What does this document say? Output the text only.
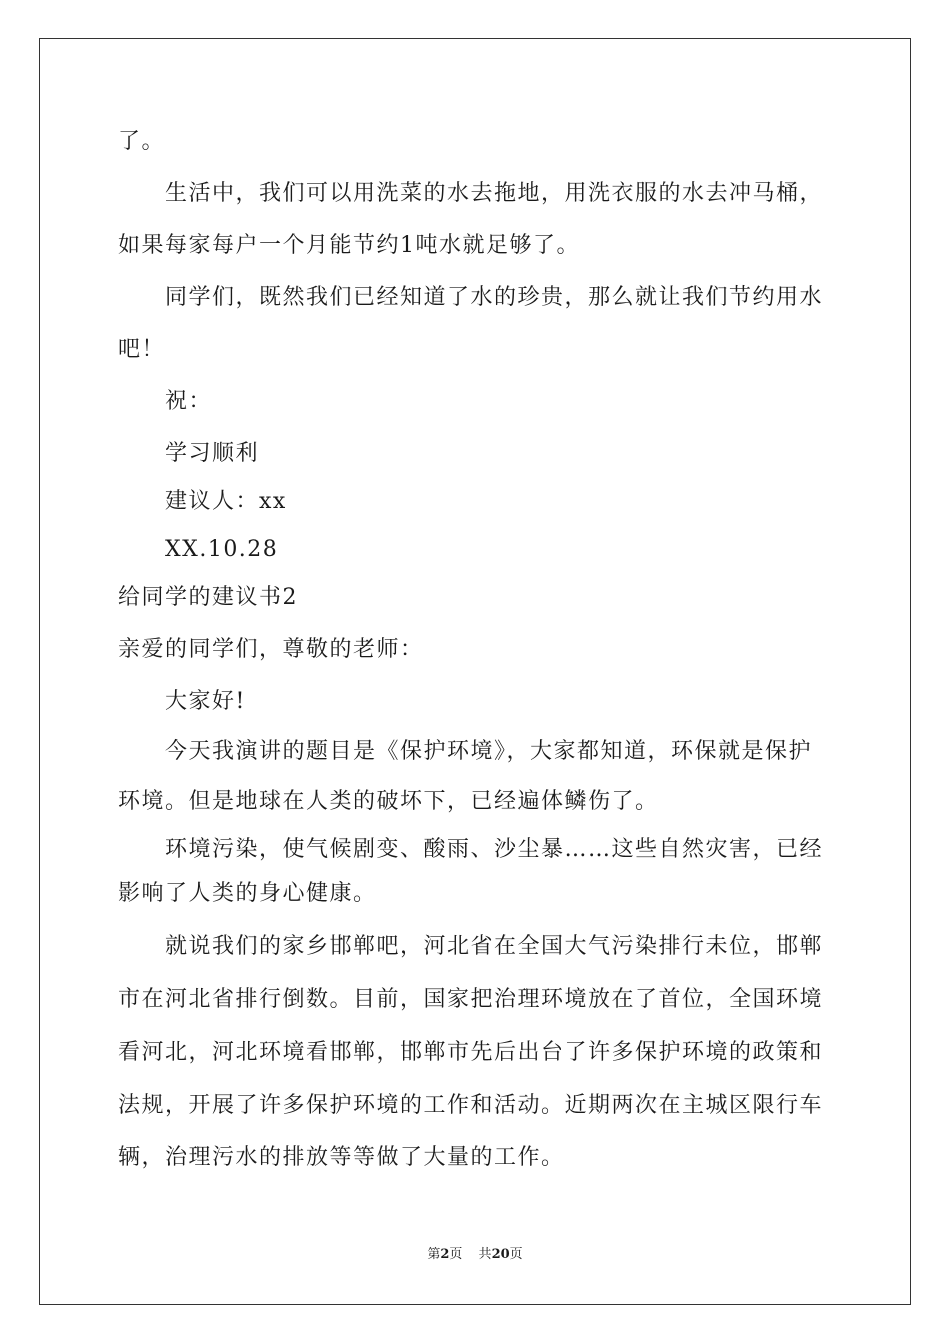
了。
生活中，我们可以用洗菜的水去拖地，用洗衣服的水去冲马桶，
如果每家每户一个月能节约1吨水就足够了。
同学们，既然我们已经知道了水的珍贵，那么就让我们节约用水
吧！
祝：
学习顺利
建议人：xx
XX.10.28
给同学的建议书2
亲爱的同学们，尊敬的老师：
大家好!
今天我演讲的题目是《保护环境》，大家都知道，环保就是保护
环境。但是地球在人类的破坏下，已经遍体鳞伤了。
环境污染，使气候剧变、酸雨、沙尘暴……这些自然灾害，已经
影响了人类的身心健康。
就说我们的家乡邯郸吧，河北省在全国大气污染排行未位，邯郸
市在河北省排行倒数。目前，国家把治理环境放在了首位，全国环境
看河北，河北环境看邯郸，邯郸市先后出台了许多保护环境的政策和
法规，开展了许多保护环境的工作和活动。近期两次在主城区限行车
辆，治理污水的排放等等做了大量的工作。
第2页 共20页
